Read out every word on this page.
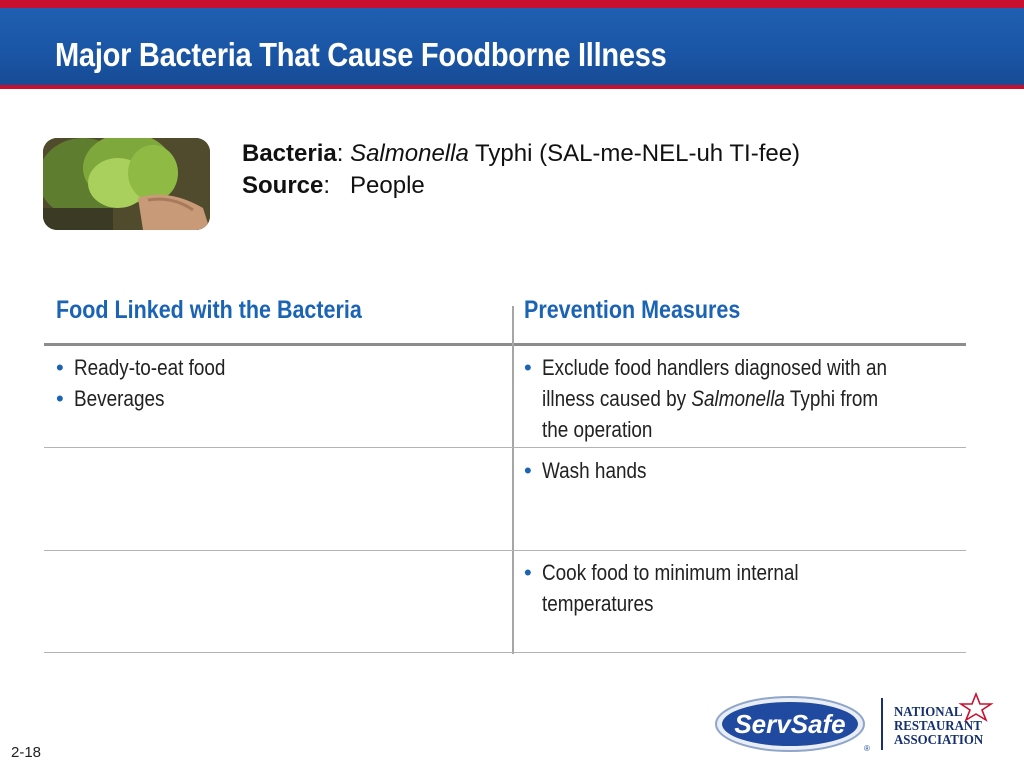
Major Bacteria That Cause Foodborne Illness
Bacteria: Salmonella Typhi (SAL-me-NEL-uh TI-fee)
Source:   People
Food Linked with the Bacteria	Prevention Measures
• Ready-to-eat food
• Beverages
• Exclude food handlers diagnosed with an
illness caused by Salmonella Typhi from
the operation
• Wash hands
• Cook food to minimum internal
temperatures
2-18
ServSafe
®
NATIONAL
RESTAURANT
ASSOCIATION
